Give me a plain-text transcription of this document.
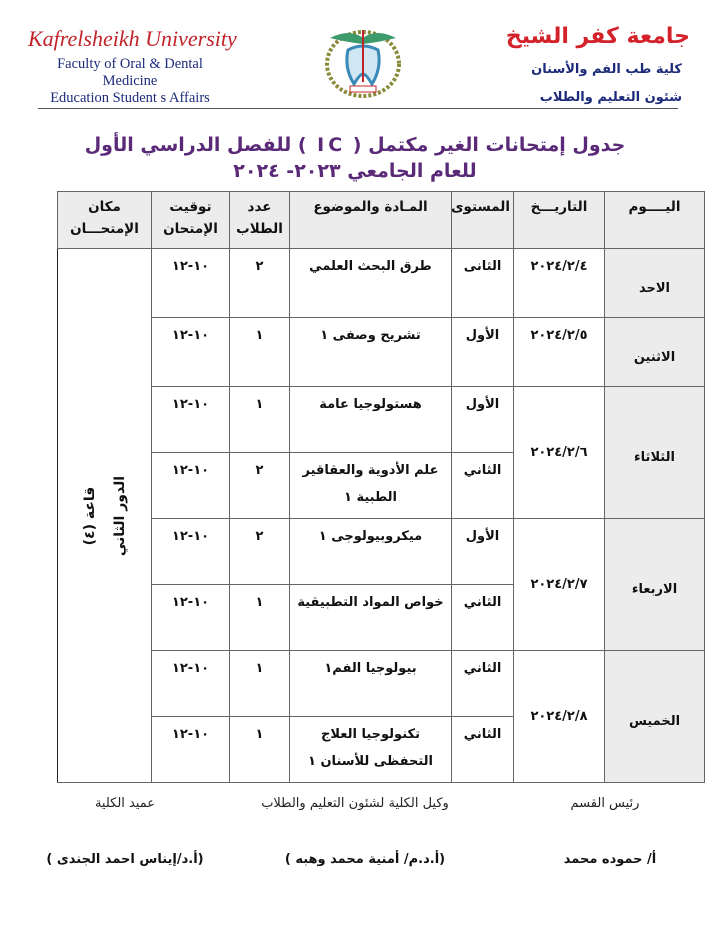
Kafrelsheikh University
Faculty of Oral & Dental
Medicine
Education Student s Affairs
جامعة كفر الشيخ
كلية طب الفم والأسنان
شئون التعليم والطلاب
جدول إمتحانات الغير مكتمل ( IC ) للفصل الدراسي الأول
للعام الجامعي ٢٠٢٣- ٢٠٢٤
اليــــوم	التاريـــخ	المستوى	المـادة والموضوع	عدد الطلاب	توقيت الإمتحان	مكان الإمتحـــان
الاحد	٢٠٢٤/٢/٤	الثانى	طرق البحث العلمي	٢	١٠-١٢	قاعة (٤) الدور الثاني

الاثنين	٢٠٢٤/٢/٥	الأول	تشريح وصفى ١	١	١٠-١٢	
الثلاثاء	٢٠٢٤/٢/٦	الأول	هستولوجيا عامة	١	١٠-١٢	
		الثاني	علم الأدوية والعقاقير الطبية ١	٢	١٠-١٢	
الاربعاء	٢٠٢٤/٢/٧	الأول	ميكروبيولوجى ١	٢	١٠-١٢	
		الثاني	خواص المواد التطبيقية	١	١٠-١٢	
الخميس	٢٠٢٤/٢/٨	الثاني	بيولوجيا الفم١	١	١٠-١٢	
		الثاني	تكنولوجيا العلاج التحفظى للأسنان ١	١	١٠-١٢	
رئيس القسم
وكيل الكلية لشئون التعليم والطلاب
عميد الكلية
أ/ حموده محمد
(أ.د.م/ أمنية محمد وهبه )
(أ.د/إيناس احمد الجندى )
